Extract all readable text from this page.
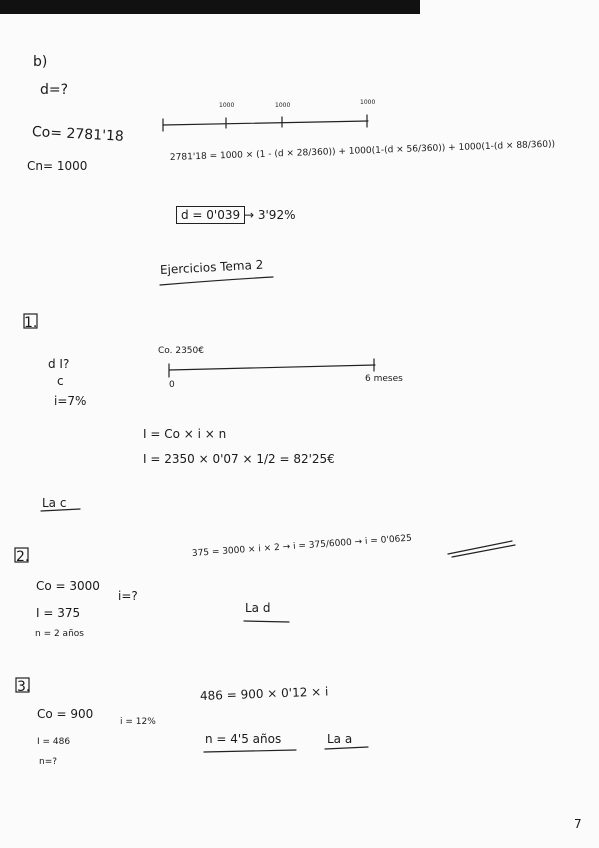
b)
d=?
Co= 2781'18
Cn= 1000
1000	1000	1000
2781'18 = 1000 × (1 - (d × 28/360)) + 1000(1-(d × 56/360)) + 1000(1-(d × 88/360))
d = 0'039 → 3'92%
Ejercicios Tema 2
1.
c
d I?
i=7%
Co. 2350€
0
6 meses
I = Co × i × n
I = 2350 × 0'07 × 1/2 = 82'25€
La c
2.
Co = 3000
I = 375
n = 2 años
i=?
375 = 3000 × i × 2 → i = 375/6000 → i = 0'0625
La d
3.
Co = 900
I = 486
n=?
i = 12%
486 = 900 × 0'12 × i
n = 4'5 años	La a
7
